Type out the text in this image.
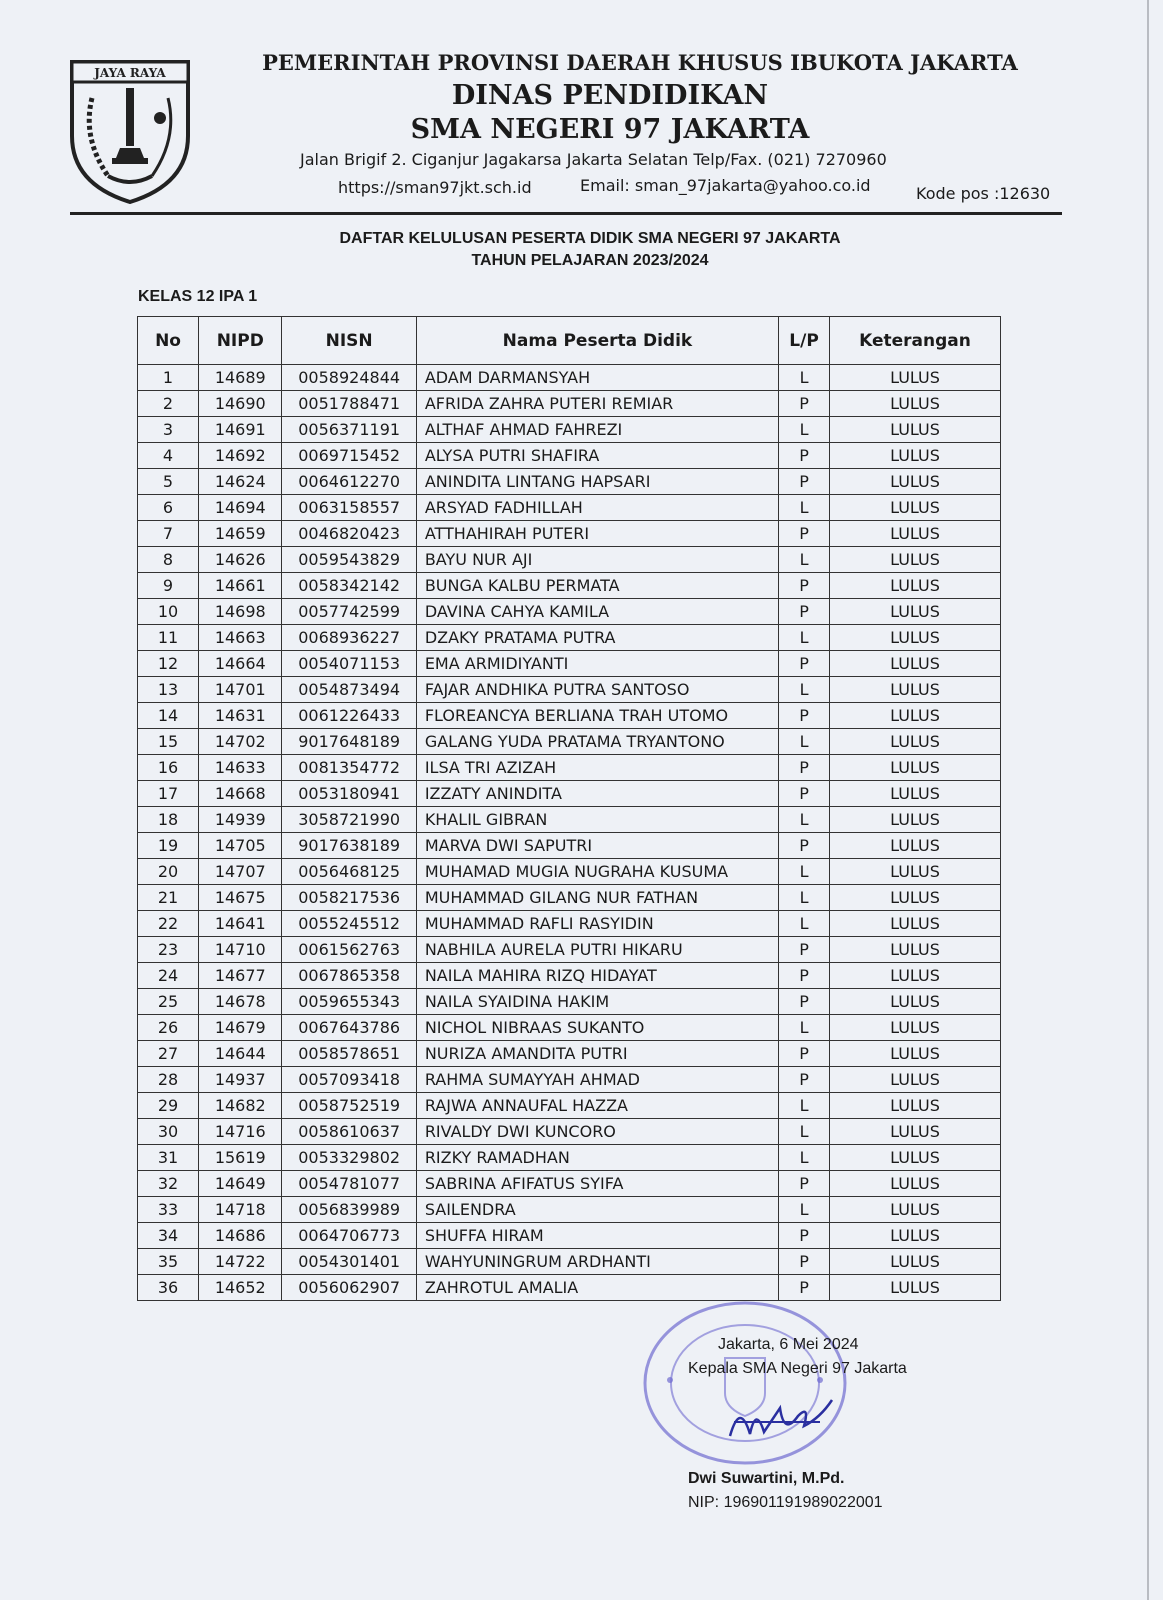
JAYA RAYA	PEMERINTAH PROVINSI DAERAH KHUSUS IBUKOTA JAKARTA
DINAS PENDIDIKAN
SMA NEGERI 97 JAKARTA
Jalan Brigif 2. Ciganjur Jagakarsa Jakarta Selatan Telp/Fax. (021) 7270960
https://sman97jkt.sch.id	Email: sman_97jakarta@yahoo.co.id	Kode pos :12630
DAFTAR KELULUSAN PESERTA DIDIK SMA NEGERI 97 JAKARTA
TAHUN PELAJARAN 2023/2024
KELAS 12 IPA 1
No	NIPD	NISN	Nama Peserta Didik	L/P	Keterangan
1	14689	0058924844	ADAM DARMANSYAH	L	LULUS
2	14690	0051788471	AFRIDA ZAHRA PUTERI REMIAR	P	LULUS
3	14691	0056371191	ALTHAF AHMAD FAHREZI	L	LULUS
4	14692	0069715452	ALYSA PUTRI SHAFIRA	P	LULUS
5	14624	0064612270	ANINDITA LINTANG HAPSARI	P	LULUS
6	14694	0063158557	ARSYAD FADHILLAH	L	LULUS
7	14659	0046820423	ATTHAHIRAH PUTERI	P	LULUS
8	14626	0059543829	BAYU NUR AJI	L	LULUS
9	14661	0058342142	BUNGA KALBU PERMATA	P	LULUS
10	14698	0057742599	DAVINA CAHYA KAMILA	P	LULUS
11	14663	0068936227	DZAKY PRATAMA PUTRA	L	LULUS
12	14664	0054071153	EMA ARMIDIYANTI	P	LULUS
13	14701	0054873494	FAJAR ANDHIKA PUTRA SANTOSO	L	LULUS
14	14631	0061226433	FLOREANCYA BERLIANA TRAH UTOMO	P	LULUS
15	14702	9017648189	GALANG YUDA PRATAMA TRYANTONO	L	LULUS
16	14633	0081354772	ILSA TRI AZIZAH	P	LULUS
17	14668	0053180941	IZZATY ANINDITA	P	LULUS
18	14939	3058721990	KHALIL GIBRAN	L	LULUS
19	14705	9017638189	MARVA DWI SAPUTRI	P	LULUS
20	14707	0056468125	MUHAMAD MUGIA NUGRAHA KUSUMA	L	LULUS
21	14675	0058217536	MUHAMMAD GILANG NUR FATHAN	L	LULUS
22	14641	0055245512	MUHAMMAD RAFLI RASYIDIN	L	LULUS
23	14710	0061562763	NABHILA AURELA PUTRI HIKARU	P	LULUS
24	14677	0067865358	NAILA MAHIRA RIZQ HIDAYAT	P	LULUS
25	14678	0059655343	NAILA SYAIDINA HAKIM	P	LULUS
26	14679	0067643786	NICHOL NIBRAAS SUKANTO	L	LULUS
27	14644	0058578651	NURIZA AMANDITA PUTRI	P	LULUS
28	14937	0057093418	RAHMA SUMAYYAH AHMAD	P	LULUS
29	14682	0058752519	RAJWA ANNAUFAL HAZZA	L	LULUS
30	14716	0058610637	RIVALDY DWI KUNCORO	L	LULUS
31	15619	0053329802	RIZKY RAMADHAN	L	LULUS
32	14649	0054781077	SABRINA AFIFATUS SYIFA	P	LULUS
33	14718	0056839989	SAILENDRA	L	LULUS
34	14686	0064706773	SHUFFA HIRAM	P	LULUS
35	14722	0054301401	WAHYUNINGRUM ARDHANTI	P	LULUS
36	14652	0056062907	ZAHROTUL AMALIA	P	LULUS
Jakarta, 6 Mei 2024
Kepala SMA Negeri 97 Jakarta
Dwi Suwartini, M.Pd.
NIP: 196901191989022001
